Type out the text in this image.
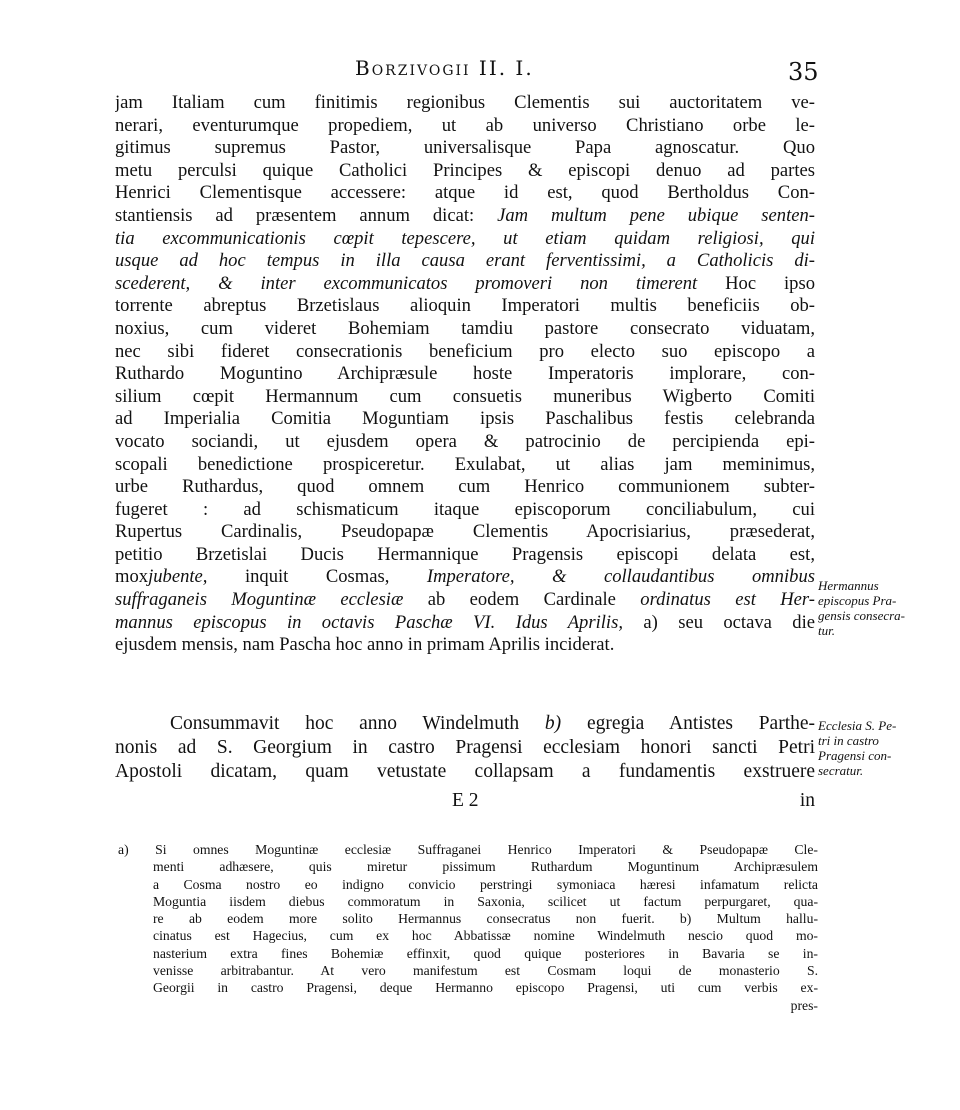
Borzivogii II. I.	35
jam Italiam cum finitimis regionibus Clementis sui auctoritatem ve-
nerari, eventurumque propediem, ut ab universo Christiano orbe le-
gitimus supremus Pastor, universalisque Papa agnoscatur. Quo
metu perculsi quique Catholici Principes & episcopi denuo ad partes
Henrici Clementisque accessere: atque id est, quod Bertholdus Con-
stantiensis ad præsentem annum dicat: Jam multum pene ubique senten-
tia excommunicationis cœpit tepescere, ut etiam quidam religiosi, qui
usque ad hoc tempus in illa causa erant ferventissimi, a Catholicis di-
scederent, & inter excommunicatos promoveri non timerent Hoc ipso
torrente abreptus Brzetislaus alioquin Imperatori multis beneficiis ob-
noxius, cum videret Bohemiam tamdiu pastore consecrato viduatam,
nec sibi fideret consecrationis beneficium pro electo suo episcopo a
Ruthardo Moguntino Archipræsule hoste Imperatoris implorare, con-
silium cœpit Hermannum cum consuetis muneribus Wigberto Comiti
ad Imperialia Comitia Moguntiam ipsis Paschalibus festis celebranda
vocato sociandi, ut ejusdem opera & patrocinio de percipienda epi-
scopali benedictione prospiceretur. Exulabat, ut alias jam meminimus,
urbe Ruthardus, quod omnem cum Henrico communionem subter-
fugeret : ad schismaticum itaque episcoporum conciliabulum, cui
Rupertus Cardinalis, Pseudopapæ Clementis Apocrisiarius, præsederat,
petitio Brzetislai Ducis Hermannique Pragensis episcopi delata est,
moxjubente, inquit Cosmas, Imperatore, & collaudantibus omnibus
suffraganeis Moguntinæ ecclesiæ ab eodem Cardinale ordinatus est Her-
mannus episcopus in octavis Paschæ VI. Idus Aprilis, a) seu octava die
ejusdem mensis, nam Pascha hoc anno in primam Aprilis inciderat.
Consummavit hoc anno Windelmuth b) egregia Antistes Parthe-
nonis ad S. Georgium in castro Pragensi ecclesiam honori sancti Petri
Apostoli dicatam, quam vetustate collapsam a fundamentis exstruere
E 2	in
Hermannus
episcopus Pra-
gensis consecra-
tur.
Ecclesia S. Pe-
tri in castro
Pragensi con-
secratur.
a) Si omnes Moguntinæ ecclesiæ Suffraganei Henrico Imperatori & Pseudopapæ Cle-
menti adhæsere, quis miretur pissimum Ruthardum Moguntinum Archipræsulem
a Cosma nostro eo indigno convicio perstringi symoniaca hæresi infamatum relicta
Moguntia iisdem diebus commoratum in Saxonia, scilicet ut factum perpurgaret, qua-
re ab eodem more solito Hermannus consecratus non fuerit. b) Multum hallu-
cinatus est Hagecius, cum ex hoc Abbatissæ nomine Windelmuth nescio quod mo-
nasterium extra fines Bohemiæ effinxit, quod quique posteriores in Bavaria se in-
venisse arbitrabantur. At vero manifestum est Cosmam loqui de monasterio S.
Georgii in castro Pragensi, deque Hermanno episcopo Pragensi, uti cum verbis ex-
pres-
